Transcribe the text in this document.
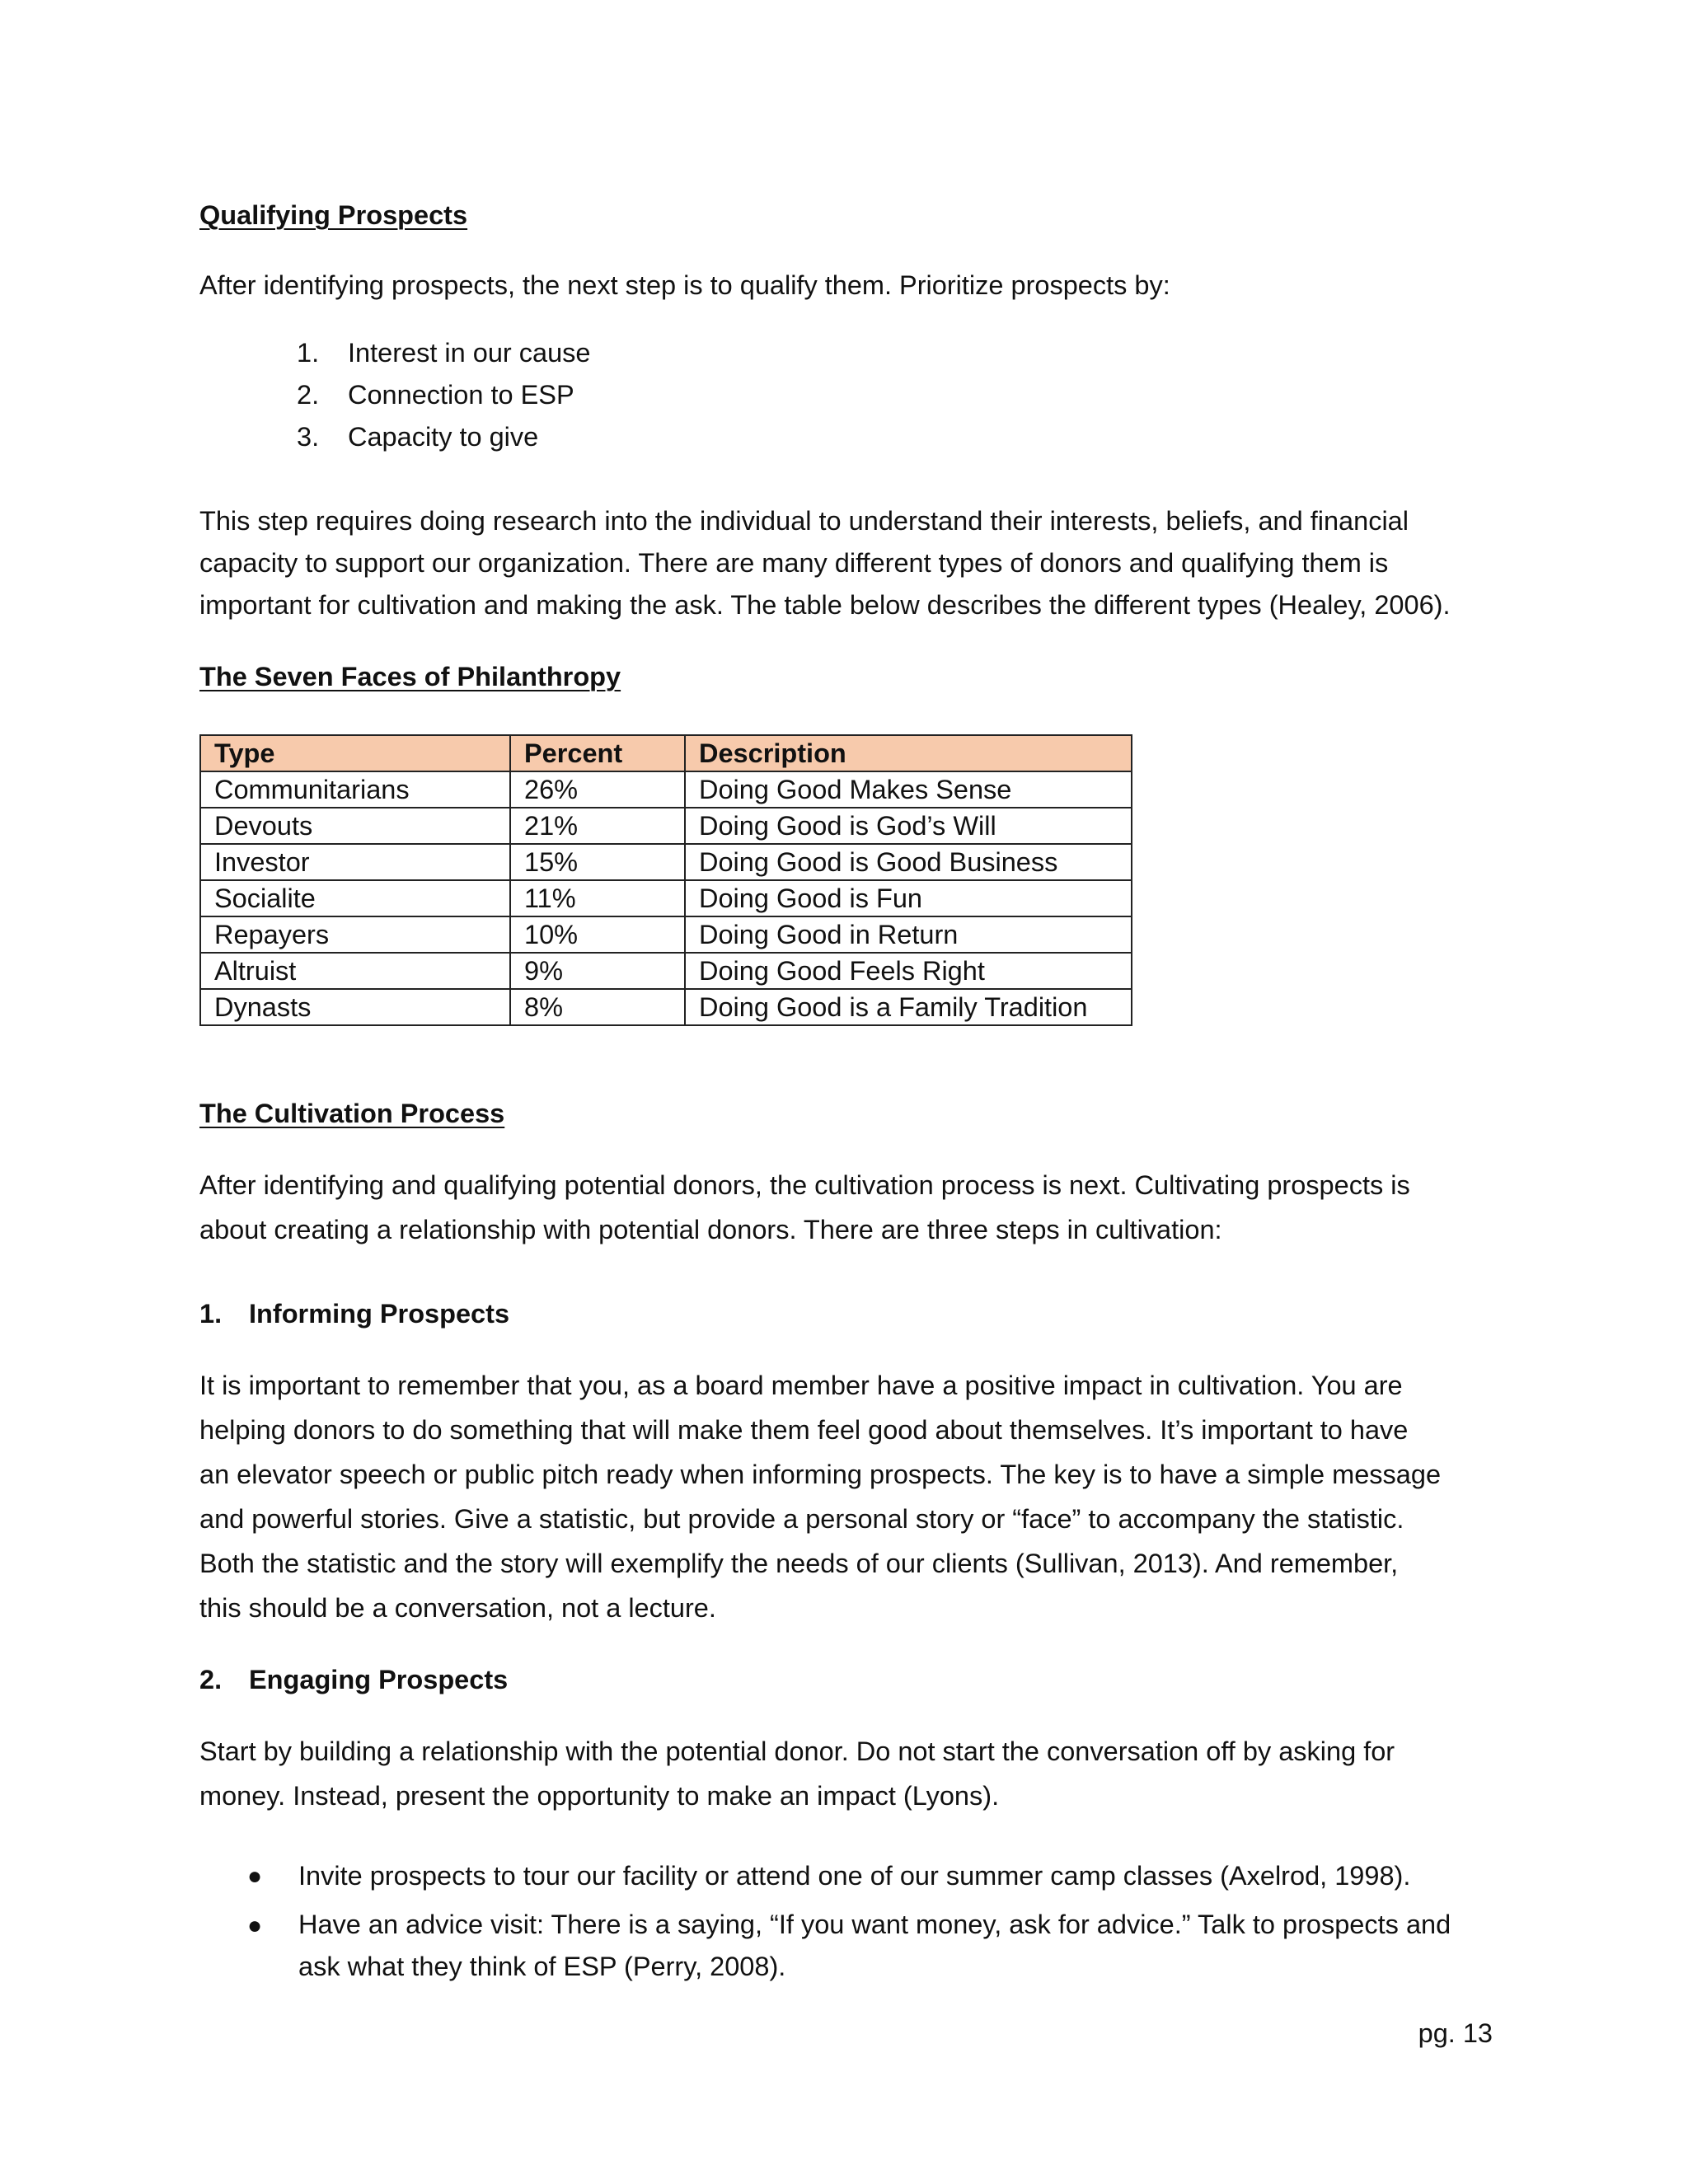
Qualifying Prospects
After identifying prospects, the next step is to qualify them. Prioritize prospects by:
1.	Interest in our cause
2.	Connection to ESP
3.	Capacity to give
This step requires doing research into the individual to understand their interests, beliefs, and financial
capacity to support our organization. There are many different types of donors and qualifying them is
important for cultivation and making the ask. The table below describes the different types (Healey, 2006).
The Seven Faces of Philanthropy
Type	Percent	Description
Communitarians	26%	Doing Good Makes Sense
Devouts	21%	Doing Good is God’s Will
Investor	15%	Doing Good is Good Business
Socialite	11%	Doing Good is Fun
Repayers	10%	Doing Good in Return
Altruist	9%	Doing Good Feels Right
Dynasts	8%	Doing Good is a Family Tradition
The Cultivation Process
After identifying and qualifying potential donors, the cultivation process is next. Cultivating prospects is
about creating a relationship with potential donors. There are three steps in cultivation:
1.	Informing Prospects
It is important to remember that you, as a board member have a positive impact in cultivation. You are
helping donors to do something that will make them feel good about themselves. It’s important to have
an elevator speech or public pitch ready when informing prospects. The key is to have a simple message
and powerful stories. Give a statistic, but provide a personal story or “face” to accompany the statistic.
Both the statistic and the story will exemplify the needs of our clients (Sullivan, 2013). And remember,
this should be a conversation, not a lecture.
2.	Engaging Prospects
Start by building a relationship with the potential donor. Do not start the conversation off by asking for
money. Instead, present the opportunity to make an impact (Lyons).
●	Invite prospects to tour our facility or attend one of our summer camp classes (Axelrod, 1998).
●	Have an advice visit: There is a saying, “If you want money, ask for advice.” Talk to prospects and
ask what they think of ESP (Perry, 2008).
pg. 13
